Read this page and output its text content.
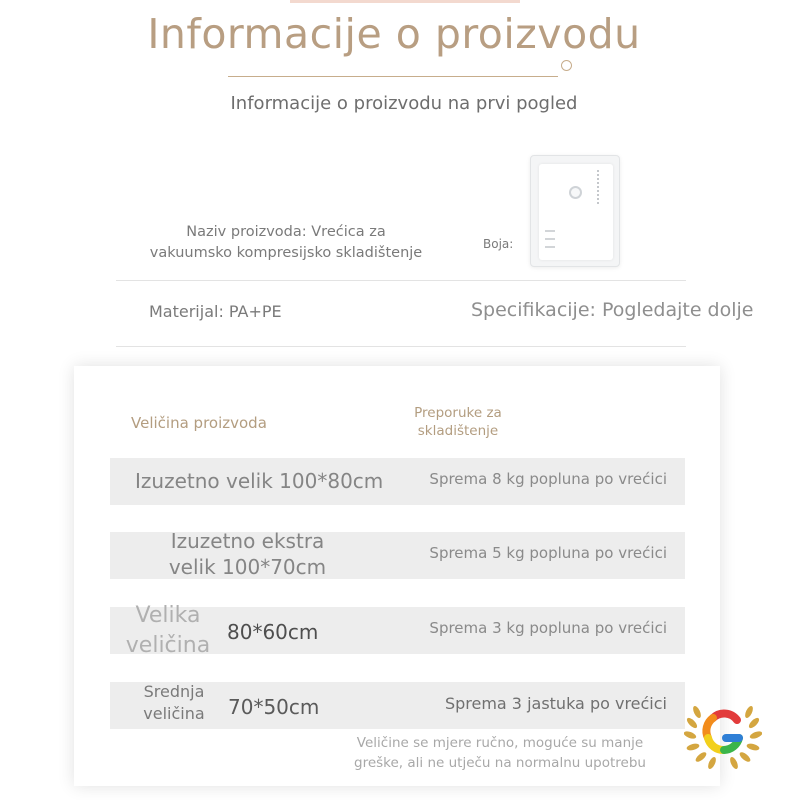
Informacije o proizvodu
Informacije o proizvodu na prvi pogled
Naziv proizvoda: Vrećica za
vakuumsko kompresijsko skladištenje
Boja:
Materijal: PA+PE	Specifikacije: Pogledajte dolje
Veličina proizvoda
Preporuke za
skladištenje
Izuzetno velik 100*80cm	Sprema 8 kg popluna po vrećici
Izuzetno ekstra
velik 100*70cm
Sprema 5 kg popluna po vrećici
Velika
veličina
80*60cm	Sprema 3 kg popluna po vrećici
Srednja
veličina	70*50cm	Sprema 3 jastuka po vrećici
Veličine se mjere ručno, moguće su manje
greške, ali ne utječu na normalnu upotrebu
